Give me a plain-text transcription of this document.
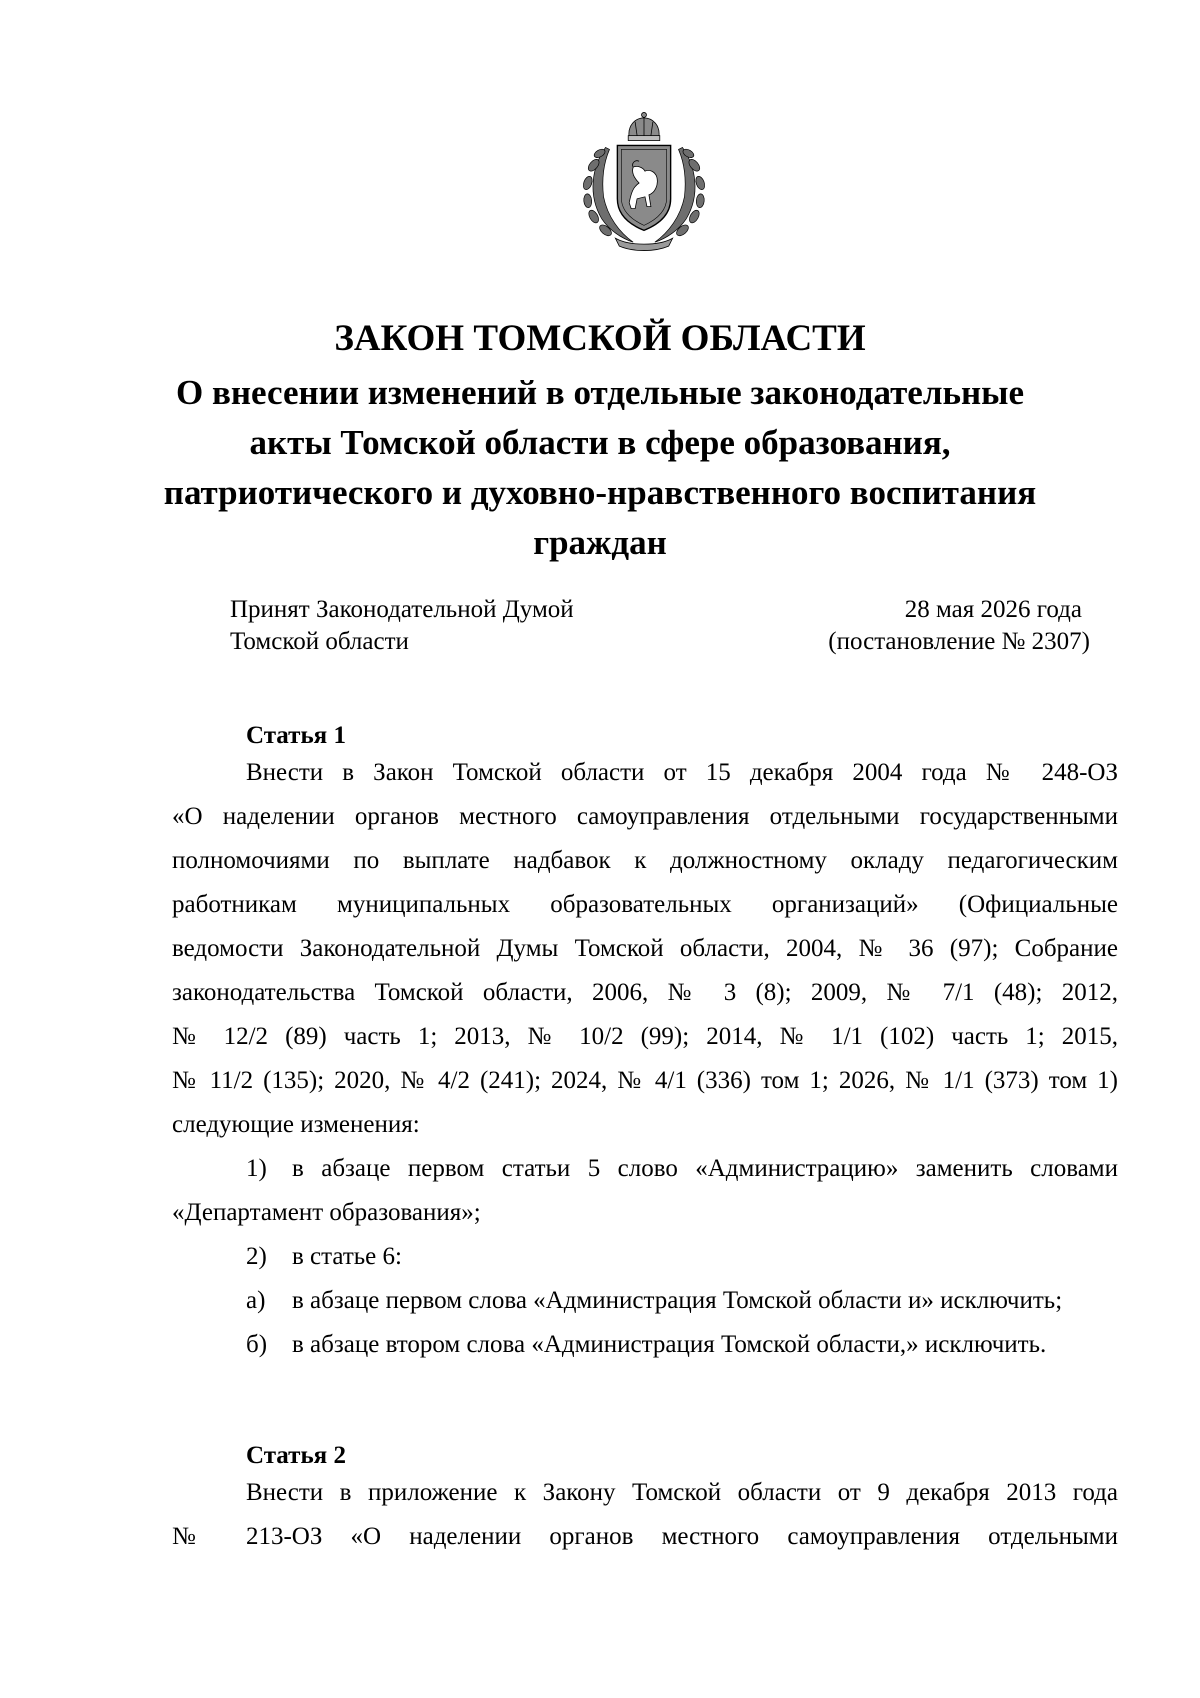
ЗАКОН ТОМСКОЙ ОБЛАСТИ
О внесении изменений в отдельные законодательные
акты Томской области в сфере образования,
патриотического и духовно-нравственного воспитания
граждан
Принят Законодательной Думой
Томской области
28 мая 2026 года
(постановление № 2307)
Статья 1
Внести в Закон Томской области от 15 декабря 2004 года № 248-ОЗ
«О наделении органов местного самоуправления отдельными государственными
полномочиями по выплате надбавок к должностному окладу педагогическим
работникам муниципальных образовательных организаций» (Официальные
ведомости Законодательной Думы Томской области, 2004, № 36 (97); Собрание
законодательства Томской области, 2006, № 3 (8); 2009, № 7/1 (48); 2012,
№ 12/2 (89) часть 1; 2013, № 10/2 (99); 2014, № 1/1 (102) часть 1; 2015,
№ 11/2 (135); 2020, № 4/2 (241); 2024, № 4/1 (336) том 1; 2026, № 1/1 (373) том 1)
следующие изменения:
1) в абзаце первом статьи 5 слово «Администрацию» заменить словами
«Департамент образования»;
2) в статье 6:
а) в абзаце первом слова «Администрация Томской области и» исключить;
б) в абзаце втором слова «Администрация Томской области,» исключить.
Статья 2
Внести в приложение к Закону Томской области от 9 декабря 2013 года
№ 213-ОЗ «О наделении органов местного самоуправления отдельными
